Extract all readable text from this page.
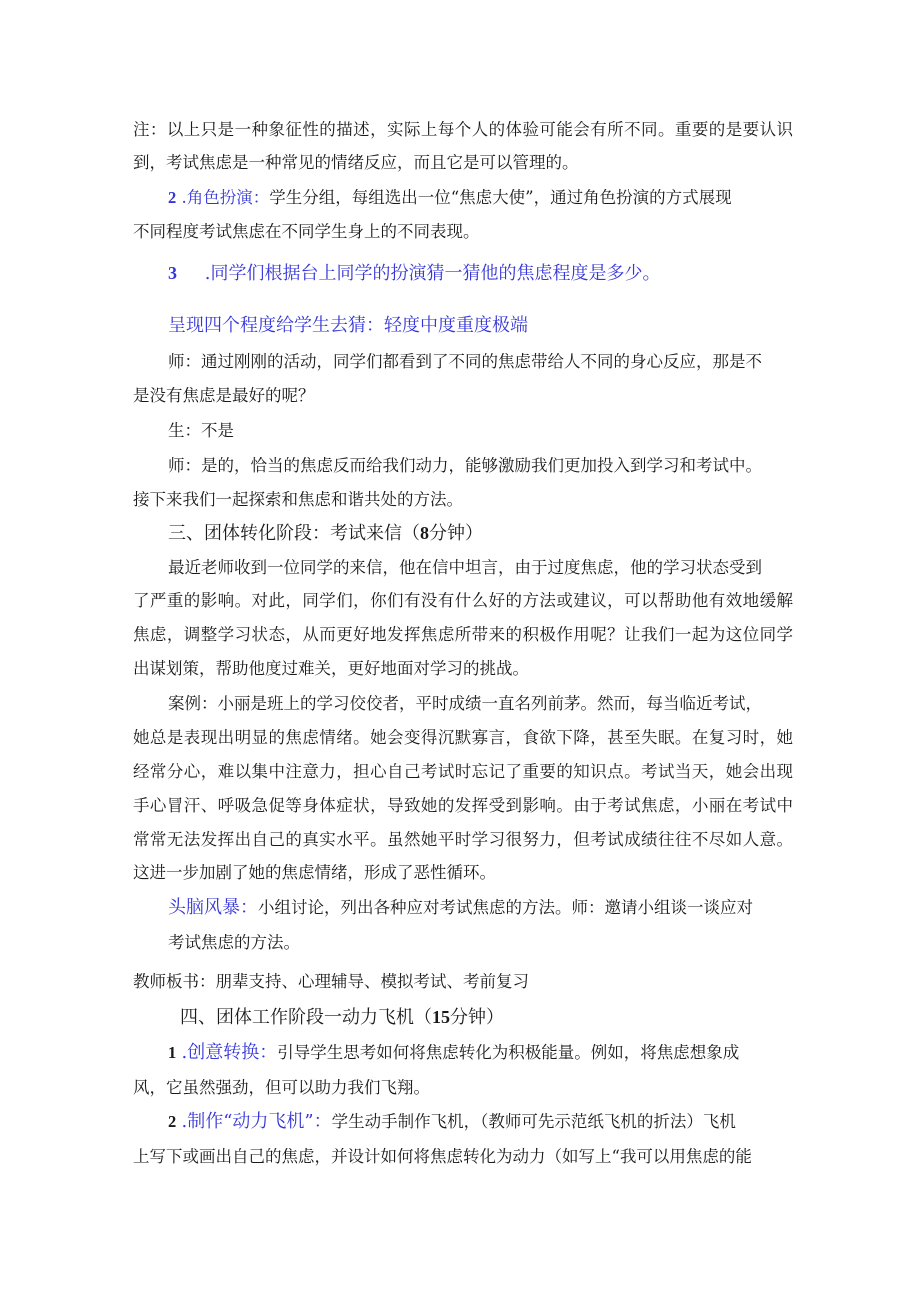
注：以上只是一种象征性的描述，实际上每个人的体验可能会有所不同。重要的是要认识
到，考试焦虑是一种常见的情绪反应，而且它是可以管理的。
2 .角色扮演：学生分组，每组选出一位“焦虑大使”，通过角色扮演的方式展现
不同程度考试焦虑在不同学生身上的不同表现。
3 .同学们根据台上同学的扮演猜一猜他的焦虑程度是多少。
呈现四个程度给学生去猜：轻度中度重度极端
师：通过刚刚的活动，同学们都看到了不同的焦虑带给人不同的身心反应，那是不
是没有焦虑是最好的呢？
生：不是
师：是的，恰当的焦虑反而给我们动力，能够激励我们更加投入到学习和考试中。
接下来我们一起探索和焦虑和谐共处的方法。
三、团体转化阶段：考试来信（8分钟）
最近老师收到一位同学的来信，他在信中坦言，由于过度焦虑，他的学习状态受到
了严重的影响。对此，同学们，你们有没有什么好的方法或建议，可以帮助他有效地缓解
焦虑，调整学习状态，从而更好地发挥焦虑所带来的积极作用呢？让我们一起为这位同学
出谋划策，帮助他度过难关，更好地面对学习的挑战。
案例：小丽是班上的学习佼佼者，平时成绩一直名列前茅。然而，每当临近考试，
她总是表现出明显的焦虑情绪。她会变得沉默寡言，食欲下降，甚至失眠。在复习时，她
经常分心，难以集中注意力，担心自己考试时忘记了重要的知识点。考试当天，她会出现
手心冒汗、呼吸急促等身体症状，导致她的发挥受到影响。由于考试焦虑，小丽在考试中
常常无法发挥出自己的真实水平。虽然她平时学习很努力，但考试成绩往往不尽如人意。
这进一步加剧了她的焦虑情绪，形成了恶性循环。
头脑风暴：小组讨论，列出各种应对考试焦虑的方法。师：邀请小组谈一谈应对
考试焦虑的方法。
教师板书：朋辈支持、心理辅导、模拟考试、考前复习
四、团体工作阶段一动力飞机（15分钟）
1 .创意转换：引导学生思考如何将焦虑转化为积极能量。例如，将焦虑想象成
风，它虽然强劲，但可以助力我们飞翔。
2 .制作“动力飞机”：学生动手制作飞机，（教师可先示范纸飞机的折法）飞机
上写下或画出自己的焦虑，并设计如何将焦虑转化为动力（如写上“我可以用焦虑的能
